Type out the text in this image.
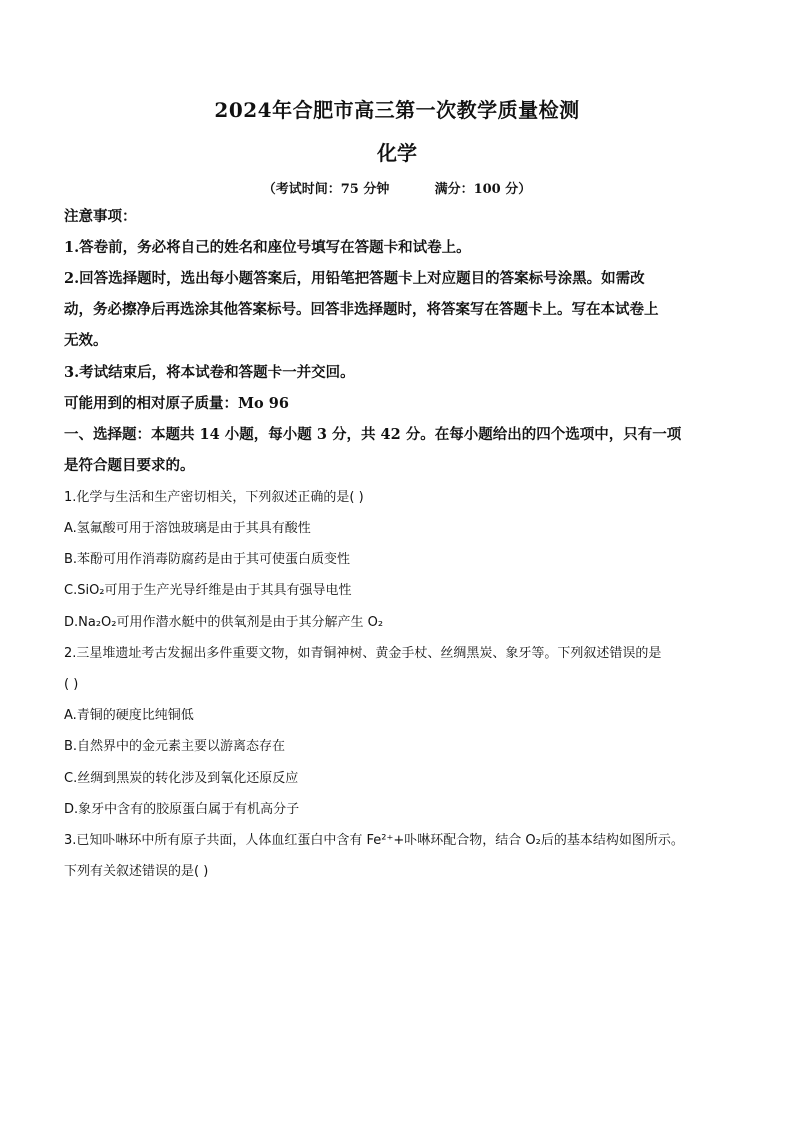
2024年合肥市高三第一次教学质量检测
化学
（考试时间：75 分钟          满分：100 分）
注意事项：
1.答卷前，务必将自己的姓名和座位号填写在答题卡和试卷上。
2.回答选择题时，选出每小题答案后，用铅笔把答题卡上对应题目的答案标号涂黑。如需改
动，务必擦净后再选涂其他答案标号。回答非选择题时，将答案写在答题卡上。写在本试卷上
无效。
3.考试结束后，将本试卷和答题卡一并交回。
可能用到的相对原子质量：Mo 96
一、选择题：本题共 14 小题，每小题 3 分，共 42 分。在每小题给出的四个选项中，只有一项
是符合题目要求的。
1.化学与生活和生产密切相关，下列叙述正确的是( )
A.氢氟酸可用于溶蚀玻璃是由于其具有酸性
B.苯酚可用作消毒防腐药是由于其可使蛋白质变性
C.SiO₂可用于生产光导纤维是由于其具有强导电性
D.Na₂O₂可用作潜水艇中的供氧剂是由于其分解产生 O₂
2.三星堆遗址考古发掘出多件重要文物，如青铜神树、黄金手杖、丝绸黑炭、象牙等。下列叙述错误的是
( )
A.青铜的硬度比纯铜低
B.自然界中的金元素主要以游离态存在
C.丝绸到黑炭的转化涉及到氧化还原反应
D.象牙中含有的胶原蛋白属于有机高分子
3.已知卟啉环中所有原子共面，人体血红蛋白中含有 Fe²⁺+卟啉环配合物，结合 O₂后的基本结构如图所示。
下列有关叙述错误的是( )
